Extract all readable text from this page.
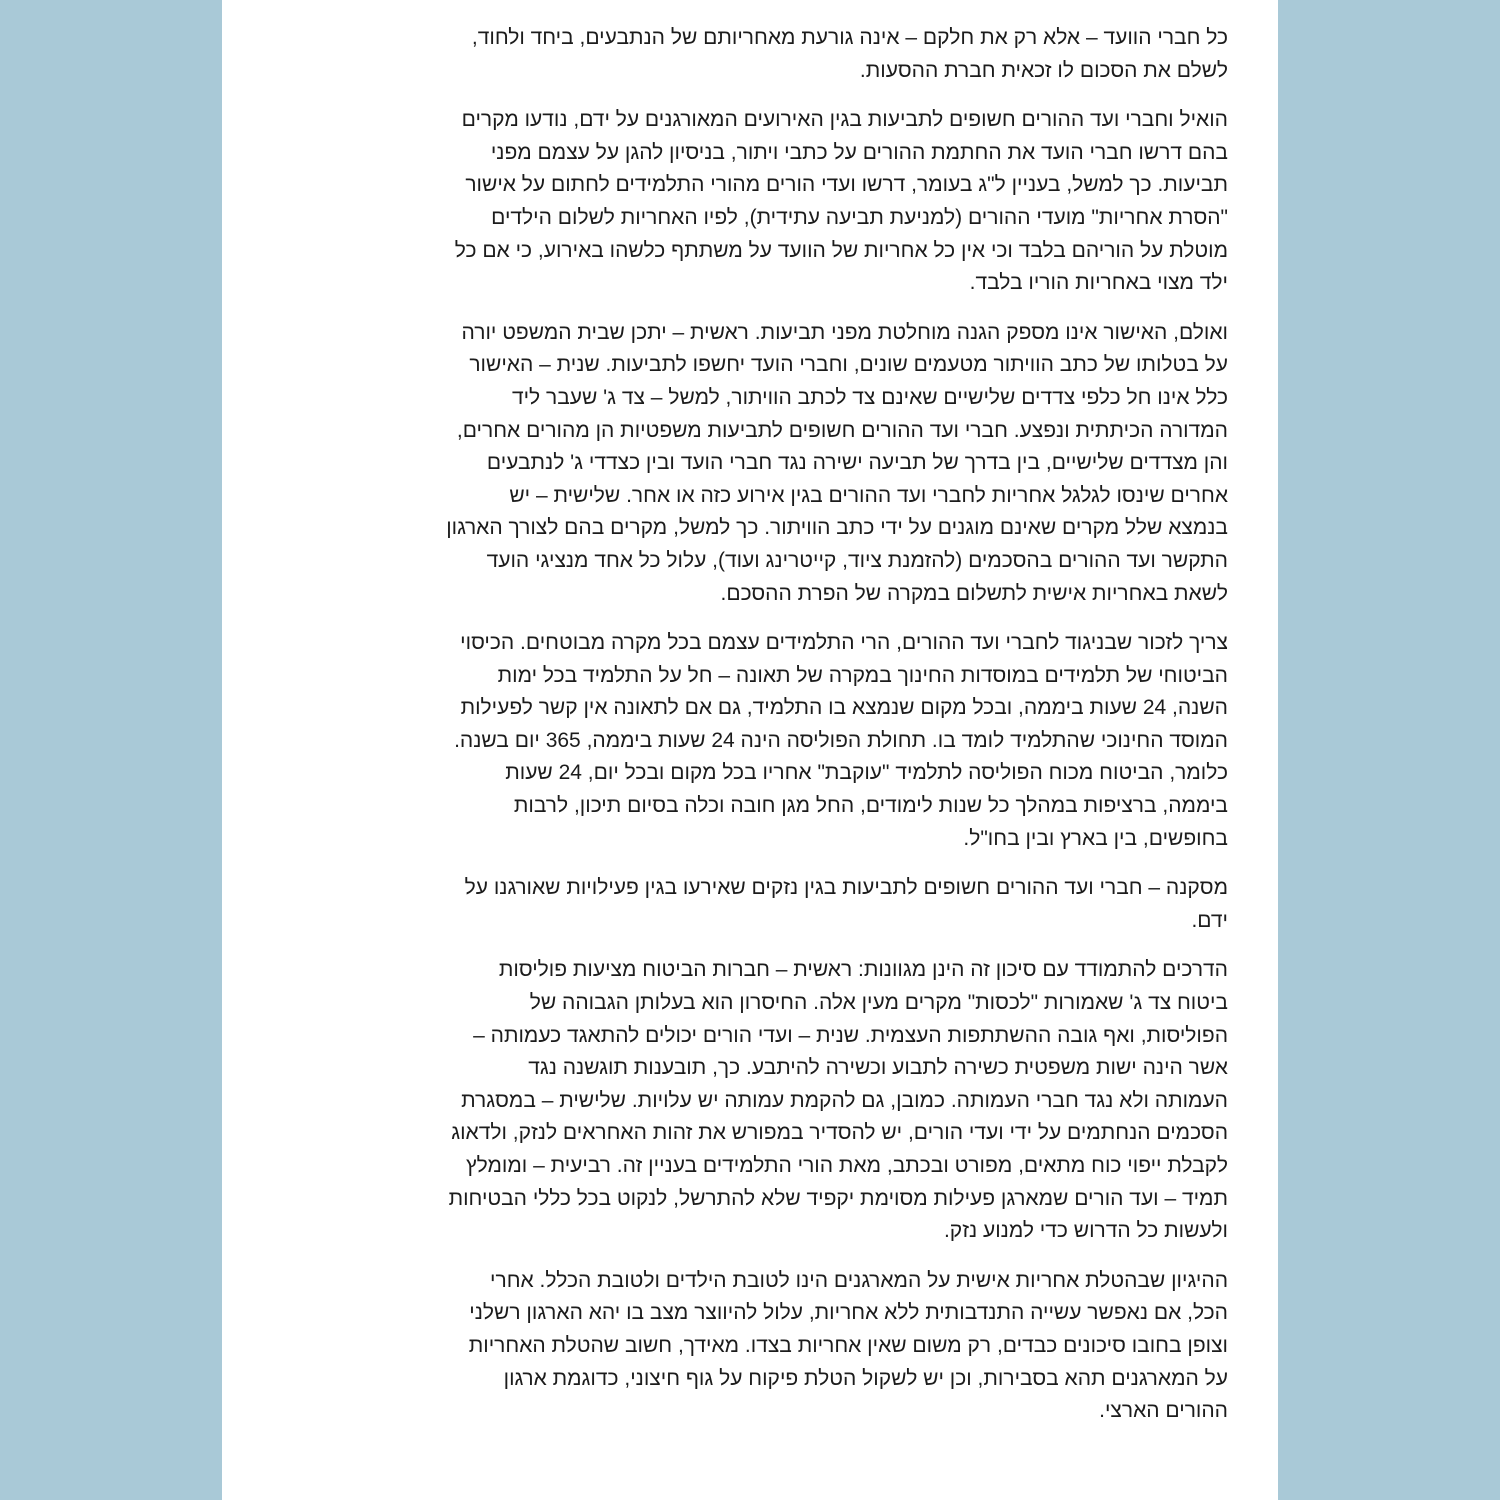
כל חברי הוועד – אלא רק את חלקם – אינה גורעת מאחריותם של הנתבעים, ביחד ולחוד,
לשלם את הסכום לו זכאית חברת ההסעות.
הואיל וחברי ועד ההורים חשופים לתביעות בגין האירועים המאורגנים על ידם, נודעו מקרים
בהם דרשו חברי הועד את החתמת ההורים על כתבי ויתור, בניסיון להגן על עצמם מפני
תביעות. כך למשל, בעניין ל"ג בעומר, דרשו ועדי הורים מהורי התלמידים לחתום על אישור
"הסרת אחריות" מועדי ההורים (למניעת תביעה עתידית), לפיו האחריות לשלום הילדים
מוטלת על הוריהם בלבד וכי אין כל אחריות של הוועד על משתתף כלשהו באירוע, כי אם כל
ילד מצוי באחריות הוריו בלבד.
ואולם, האישור אינו מספק הגנה מוחלטת מפני תביעות. ראשית – יתכן שבית המשפט יורה
על בטלותו של כתב הוויתור מטעמים שונים, וחברי הועד יחשפו לתביעות. שנית – האישור
כלל אינו חל כלפי צדדים שלישיים שאינם צד לכתב הוויתור, למשל – צד ג' שעבר ליד
המדורה הכיתתית ונפצע. חברי ועד ההורים חשופים לתביעות משפטיות הן מהורים אחרים,
והן מצדדים שלישיים, בין בדרך של תביעה ישירה נגד חברי הועד ובין כצדדי ג' לנתבעים
אחרים שינסו לגלגל אחריות לחברי ועד ההורים בגין אירוע כזה או אחר. שלישית – יש
בנמצא שלל מקרים שאינם מוגנים על ידי כתב הוויתור. כך למשל, מקרים בהם לצורך הארגון
התקשר ועד ההורים בהסכמים (להזמנת ציוד, קייטרינג ועוד), עלול כל אחד מנציגי הועד
לשאת באחריות אישית לתשלום במקרה של הפרת ההסכם.
צריך לזכור שבניגוד לחברי ועד ההורים, הרי התלמידים עצמם בכל מקרה מבוטחים. הכיסוי
הביטוחי של תלמידים במוסדות החינוך במקרה של תאונה – חל על התלמיד בכל ימות
השנה, 24 שעות ביממה, ובכל מקום שנמצא בו התלמיד, גם אם לתאונה אין קשר לפעילות
המוסד החינוכי שהתלמיד לומד בו. תחולת הפוליסה הינה 24 שעות ביממה, 365 יום בשנה.
כלומר, הביטוח מכוח הפוליסה לתלמיד "עוקבת" אחריו בכל מקום ובכל יום, 24 שעות
ביממה, ברציפות במהלך כל שנות לימודים, החל מגן חובה וכלה בסיום תיכון, לרבות
בחופשים, בין בארץ ובין בחו"ל.
מסקנה – חברי ועד ההורים חשופים לתביעות בגין נזקים שאירעו בגין פעילויות שאורגנו על
ידם.
הדרכים להתמודד עם סיכון זה הינן מגוונות: ראשית – חברות הביטוח מציעות פוליסות
ביטוח צד ג' שאמורות "לכסות" מקרים מעין אלה. החיסרון הוא בעלותן הגבוהה של
הפוליסות, ואף גובה ההשתתפות העצמית. שנית – ועדי הורים יכולים להתאגד כעמותה –
אשר הינה ישות משפטית כשירה לתבוע וכשירה להיתבע. כך, תובענות תוגשנה נגד
העמותה ולא נגד חברי העמותה. כמובן, גם להקמת עמותה יש עלויות. שלישית – במסגרת
הסכמים הנחתמים על ידי ועדי הורים, יש להסדיר במפורש את זהות האחראים לנזק, ולדאוג
לקבלת ייפוי כוח מתאים, מפורט ובכתב, מאת הורי התלמידים בעניין זה. רביעית – ומומלץ
תמיד – ועד הורים שמארגן פעילות מסוימת יקפיד שלא להתרשל, לנקוט בכל כללי הבטיחות
ולעשות כל הדרוש כדי למנוע נזק.
ההיגיון שבהטלת אחריות אישית על המארגנים הינו לטובת הילדים ולטובת הכלל. אחרי
הכל, אם נאפשר עשייה התנדבותית ללא אחריות, עלול להיווצר מצב בו יהא הארגון רשלני
וצופן בחובו סיכונים כבדים, רק משום שאין אחריות בצדו. מאידך, חשוב שהטלת האחריות
על המארגנים תהא בסבירות, וכן יש לשקול הטלת פיקוח על גוף חיצוני, כדוגמת ארגון
ההורים הארצי.
